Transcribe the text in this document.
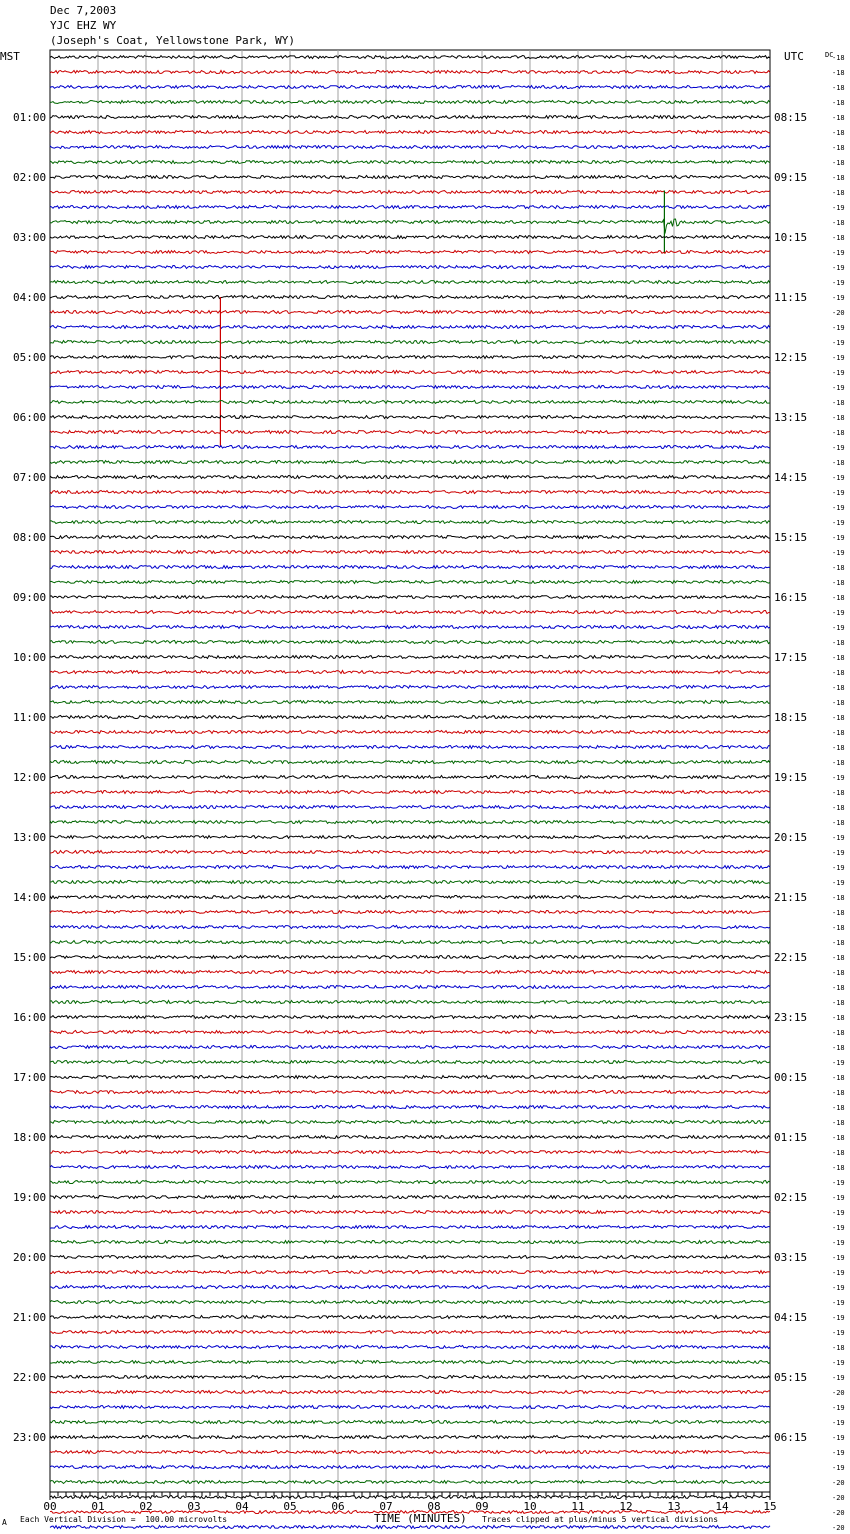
Dec 7,2003
YJC EHZ WY
(Joseph's Coat, Yellowstone Park, WY)
01:00
02:00
03:00
04:00
05:00
06:00
07:00
08:00
09:00
10:00
11:00
12:00
13:00
14:00
15:00
16:00
17:00
18:00
19:00
20:00
21:00
22:00
23:00
08:15
09:15
10:15
11:15
12:15
13:15
14:15
15:15
16:15
17:15
18:15
19:15
20:15
21:15
22:15
23:15
00:15
01:15
02:15
03:15
04:15
05:15
06:15
-18
-18
-18
-18
-18
-18
-18
-18
-18
-18
-19
-18
-18
-19
-19
-19
-19
-20
-19
-19
-19
-19
-19
-18
-18
-18
-19
-18
-19
-19
-19
-19
-19
-19
-18
-18
-18
-19
-19
-18
-18
-18
-18
-18
-18
-18
-18
-18
-19
-18
-18
-18
-19
-19
-19
-19
-18
-18
-18
-18
-18
-18
-18
-18
-18
-18
-18
-19
-18
-18
-18
-18
-18
-18
-18
-19
-19
-19
-19
-19
-19
-19
-19
-19
-19
-19
-18
-19
-19
-20
-19
-19
-19
-19
-19
-20
-20
-20
-20
00	01	02	03	04	05	06	07	08	09	10	11	12	13	14	15
MST	UTC	DC
TIME (MINUTES)
A Each Vertical Division =  100.00 microvolts	Traces clipped at plus/minus 5 vertical divisions
